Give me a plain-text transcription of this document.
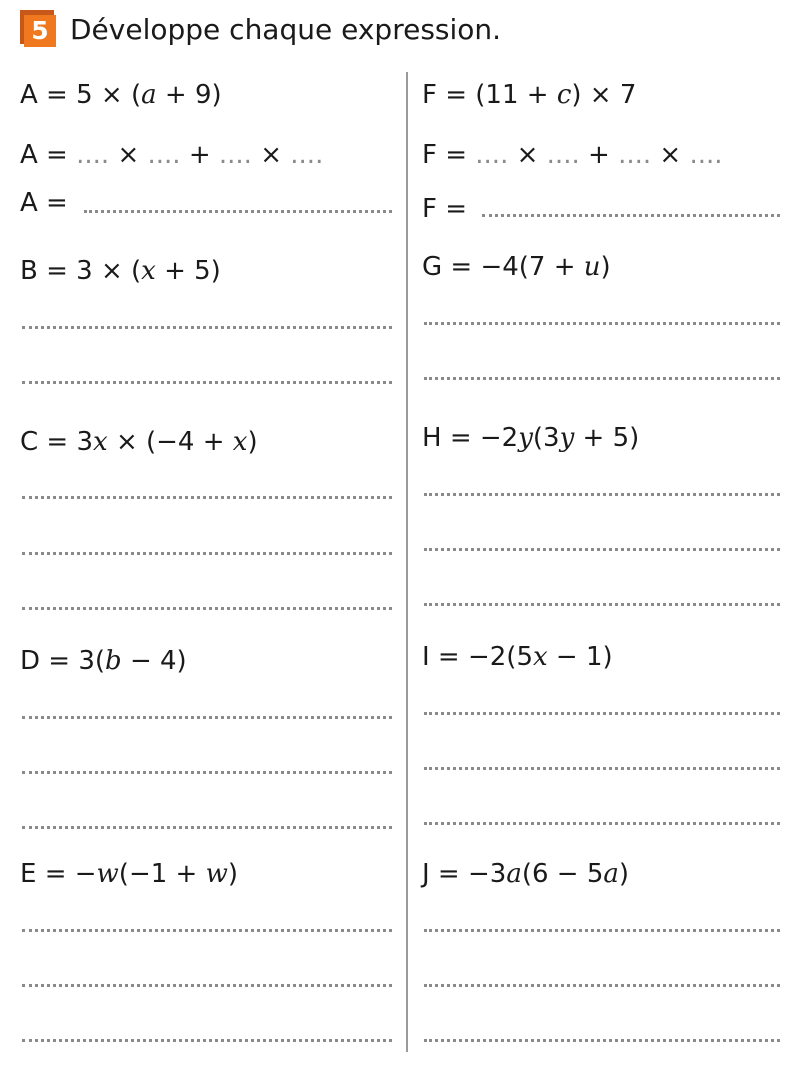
5 Développe chaque expression.
A = 5 × (a + 9)
A = .... × .... + .... × ....
A =
B = 3 × (x + 5)
C = 3x × (−4 + x)
D = 3(b − 4)
E = −w(−1 + w)
F = (11 + c) × 7
F = .... × .... + .... × ....
F =
G = −4(7 + u)
H = −2y(3y + 5)
I = −2(5x − 1)
J = −3a(6 − 5a)
